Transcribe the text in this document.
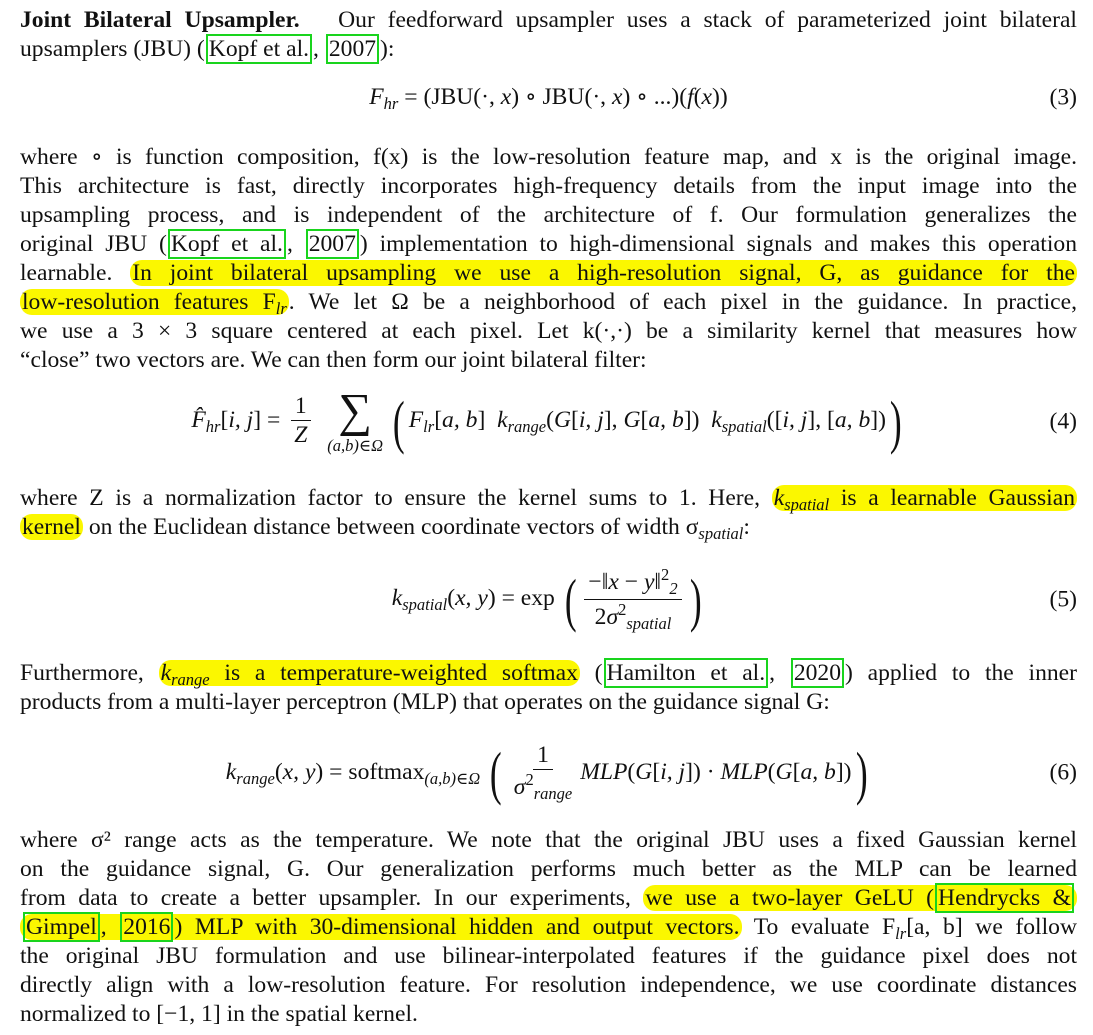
Joint Bilateral Upsampler. Our feedforward upsampler uses a stack of parameterized joint bilateral
upsamplers (JBU) ( Kopf et al. , 2007 ):
$F_{hr} = (JBU(\cdot$, x) ∘ JBU(·, x) ∘ ...)(f(x))	(3)
where ∘ is function composition, f(x) is the low-resolution feature map, and x is the original image.
This architecture is fast, directly incorporates high-frequency details from the input image into the
upsampling process, and is independent of the architecture of f. Our formulation generalizes the
original JBU ( Kopf et al. , 2007 ) implementation to high-dimensional signals and makes this operation
learnable. In joint bilateral upsampling we use a high-resolution signal, G, as guidance for the
low-resolution features $F_{lr}$. We let Ω be a neighborhood of each pixel in the guidance. In practice,
we use a 3 × 3 square centered at each pixel. Let k(·,·) be a similarity kernel that measures how
“close” two vectors are. We can then form our joint bilateral filter:
$F̂_{hr}[i$, $j] = \frac{1}{Z}$
∑
(a,b)∈Ω ( $F_{lr}[a$, b]  $k_{range}(G[i$, j], G[a, b])  $k_{spatial}([i$, j], [a, b]))	(4)
where Z is a normalization factor to ensure the kernel sums to 1. Here, $k_{spatial}$ is a learnable Gaussian
kernel on the Euclidean distance between coordinate vectors of width $\sigma_{spatial}$:
$k_{spatial}(x$, y) = exp ( $\frac{-‖x - y‖^2_2}{2\sigma^2_{spatial}}$ )	(5)
Furthermore, $k_{range}$ is a temperature-weighted softmax ( Hamilton et al. , 2020 ) applied to the inner
products from a multi-layer perceptron (MLP) that operates on the guidance signal G:
$k_{range}(x$, y) = softmax$_{(a,b)\in\Omega}$ ( $\frac{1}{\sigma^2_{range}} MLP(G[i$, j]) · MLP(G[a, b]))	(6)
where σ² range acts as the temperature. We note that the original JBU uses a fixed Gaussian kernel
on the guidance signal, G. Our generalization performs much better as the MLP can be learned
from data to create a better upsampler. In our experiments, we use a two-layer GeLU ( Hendrycks &
Gimpel , 2016 ) MLP with 30-dimensional hidden and output vectors. To evaluate $F_{lr}[a$, b] we follow
the original JBU formulation and use bilinear-interpolated features if the guidance pixel does not
directly align with a low-resolution feature. For resolution independence, we use coordinate distances
normalized to [−1, 1] in the spatial kernel.
